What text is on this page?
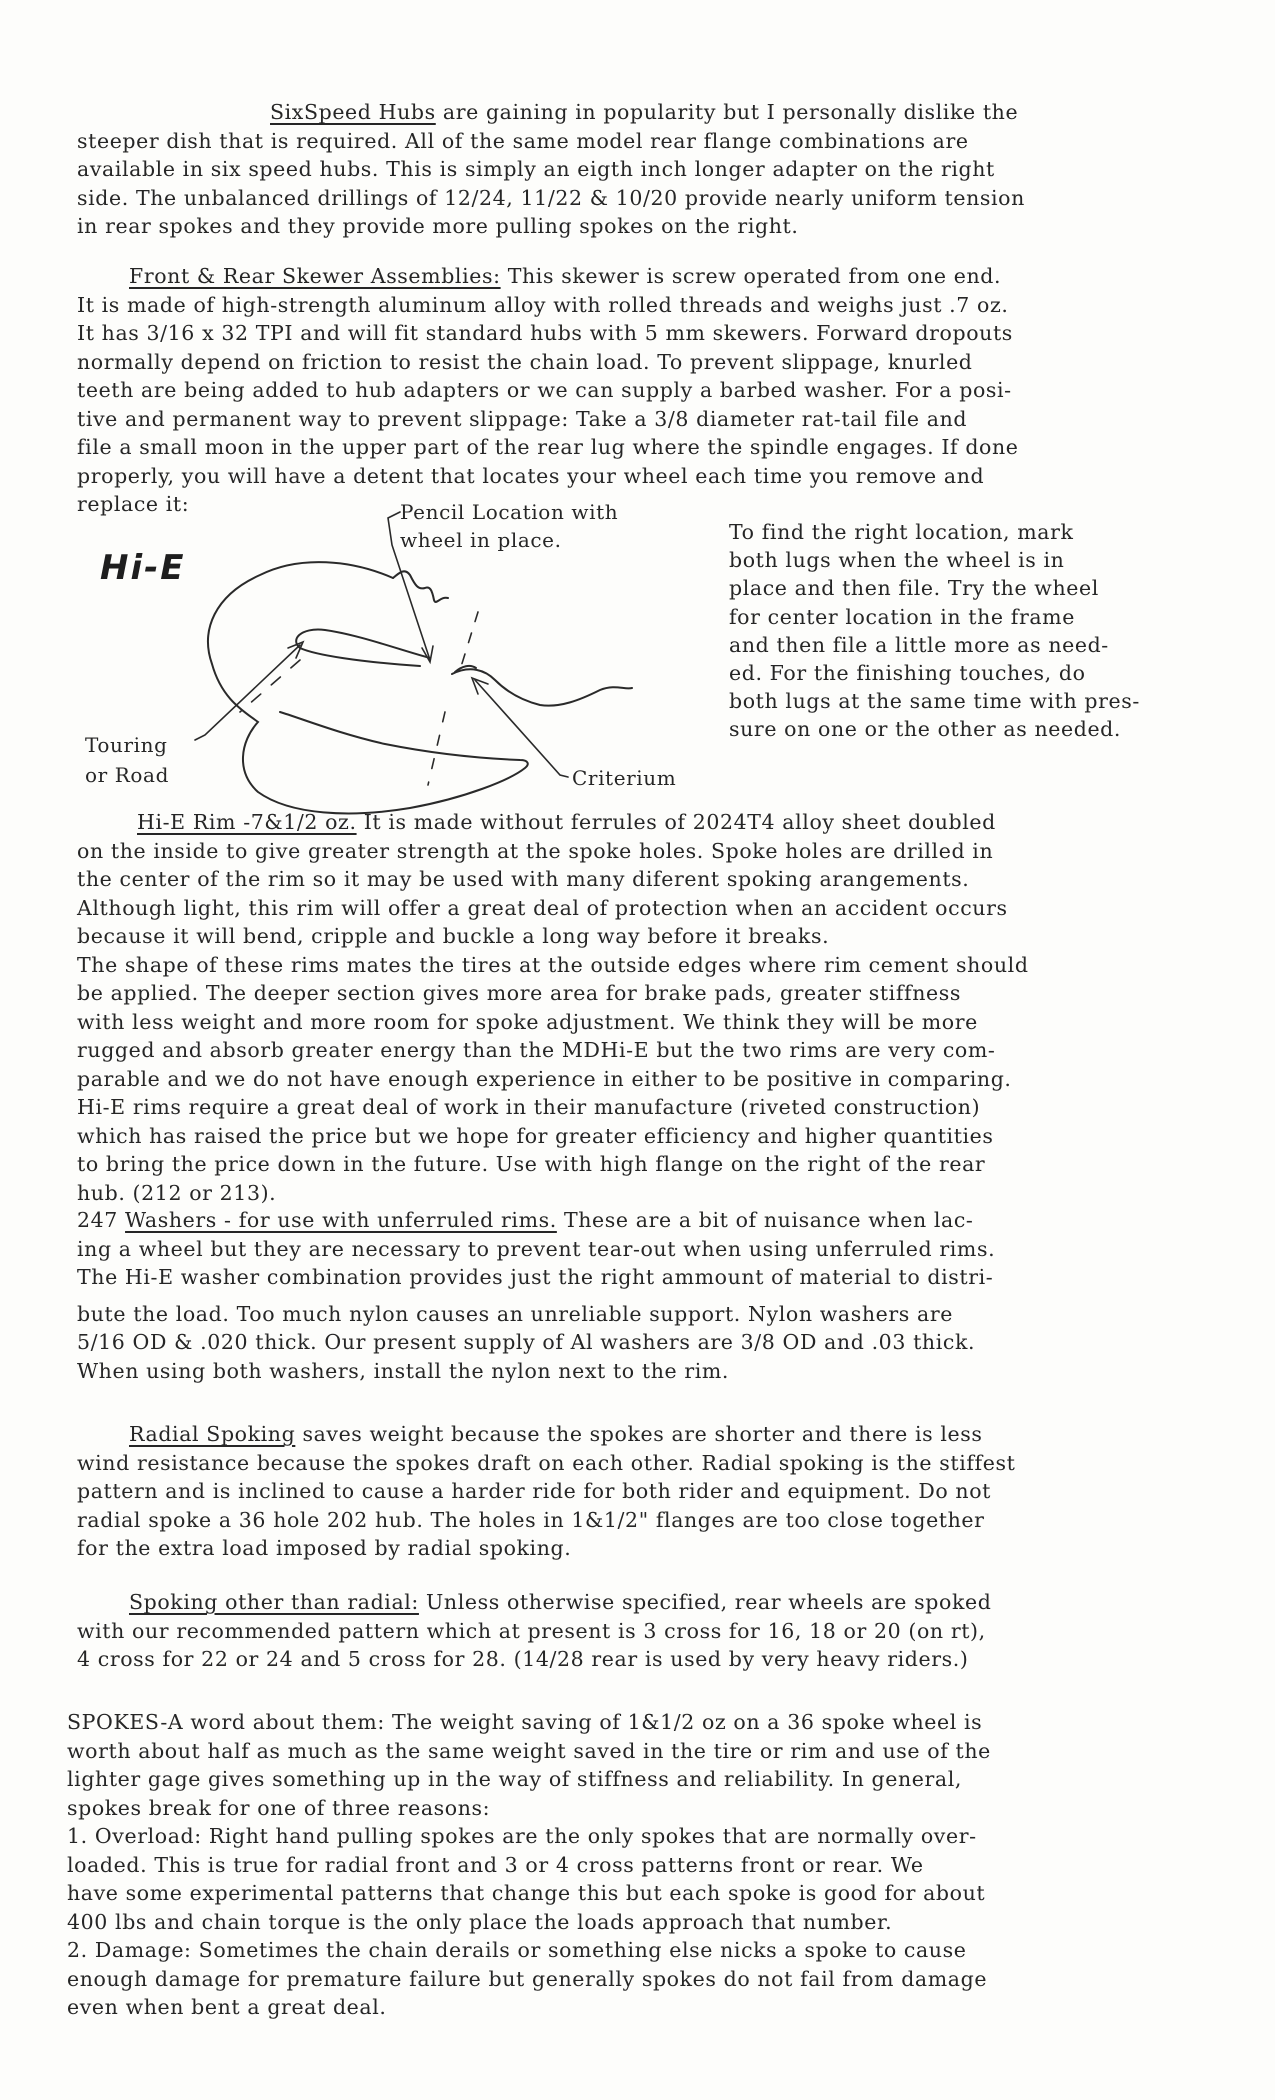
SixSpeed Hubs are gaining in popularity but I personally dislike the
steeper dish that is required. All of the same model rear flange combinations are
available in six speed hubs. This is simply an eigth inch longer adapter on the right
side. The unbalanced drillings of 12/24, 11/22 & 10/20 provide nearly uniform tension
in rear spokes and they provide more pulling spokes on the right.

Front & Rear Skewer Assemblies: This skewer is screw operated from one end.
It is made of high-strength aluminum alloy with rolled threads and weighs just .7 oz.
It has 3/16 x 32 TPI and will fit standard hubs with 5 mm skewers. Forward dropouts
normally depend on friction to resist the chain load. To prevent slippage, knurled
teeth are being added to hub adapters or we can supply a barbed washer. For a posi-
tive and permanent way to prevent slippage: Take a 3/8 diameter rat-tail file and
file a small moon in the upper part of the rear lug where the spindle engages. If done
properly, you will have a detent that locates your wheel each time you remove and
replace it:

Hi-E

Pencil Location with
wheel in place.

Touring
or Road	Criterium

To find the right location, mark
both lugs when the wheel is in
place and then file. Try the wheel
for center location in the frame
and then file a little more as need-
ed. For the finishing touches, do
both lugs at the same time with pres-
sure on one or the other as needed.

Hi-E Rim -7&1/2 oz. It is made without ferrules of 2024T4 alloy sheet doubled
on the inside to give greater strength at the spoke holes. Spoke holes are drilled in
the center of the rim so it may be used with many diferent spoking arangements.
Although light, this rim will offer a great deal of protection when an accident occurs
because it will bend, cripple and buckle a long way before it breaks.
The shape of these rims mates the tires at the outside edges where rim cement should
be applied. The deeper section gives more area for brake pads, greater stiffness
with less weight and more room for spoke adjustment. We think they will be more
rugged and absorb greater energy than the MDHi-E but the two rims are very com-
parable and we do not have enough experience in either to be positive in comparing.
Hi-E rims require a great deal of work in their manufacture (riveted construction)
which has raised the price but we hope for greater efficiency and higher quantities
to bring the price down in the future. Use with high flange on the right of the rear
hub. (212 or 213).

247 Washers - for use with unferruled rims. These are a bit of nuisance when lac-
ing a wheel but they are necessary to prevent tear-out when using unferruled rims.
The Hi-E washer combination provides just the right ammount of material to distri-
bute the load. Too much nylon causes an unreliable support. Nylon washers are
5/16 OD & .020 thick. Our present supply of Al washers are 3/8 OD and .03 thick.
When using both washers, install the nylon next to the rim.

Radial Spoking saves weight because the spokes are shorter and there is less
wind resistance because the spokes draft on each other. Radial spoking is the stiffest
pattern and is inclined to cause a harder ride for both rider and equipment. Do not
radial spoke a 36 hole 202 hub. The holes in 1&1/2" flanges are too close together
for the extra load imposed by radial spoking.

Spoking other than radial: Unless otherwise specified, rear wheels are spoked
with our recommended pattern which at present is 3 cross for 16, 18 or 20 (on rt),
4 cross for 22 or 24 and 5 cross for 28. (14/28 rear is used by very heavy riders.)

SPOKES-A word about them: The weight saving of 1&1/2 oz on a 36 spoke wheel is
worth about half as much as the same weight saved in the tire or rim and use of the
lighter gage gives something up in the way of stiffness and reliability. In general,
spokes break for one of three reasons:
1. Overload: Right hand pulling spokes are the only spokes that are normally over-
loaded. This is true for radial front and 3 or 4 cross patterns front or rear. We
have some experimental patterns that change this but each spoke is good for about
400 lbs and chain torque is the only place the loads approach that number.
2. Damage: Sometimes the chain derails or something else nicks a spoke to cause
enough damage for premature failure but generally spokes do not fail from damage
even when bent a great deal.
